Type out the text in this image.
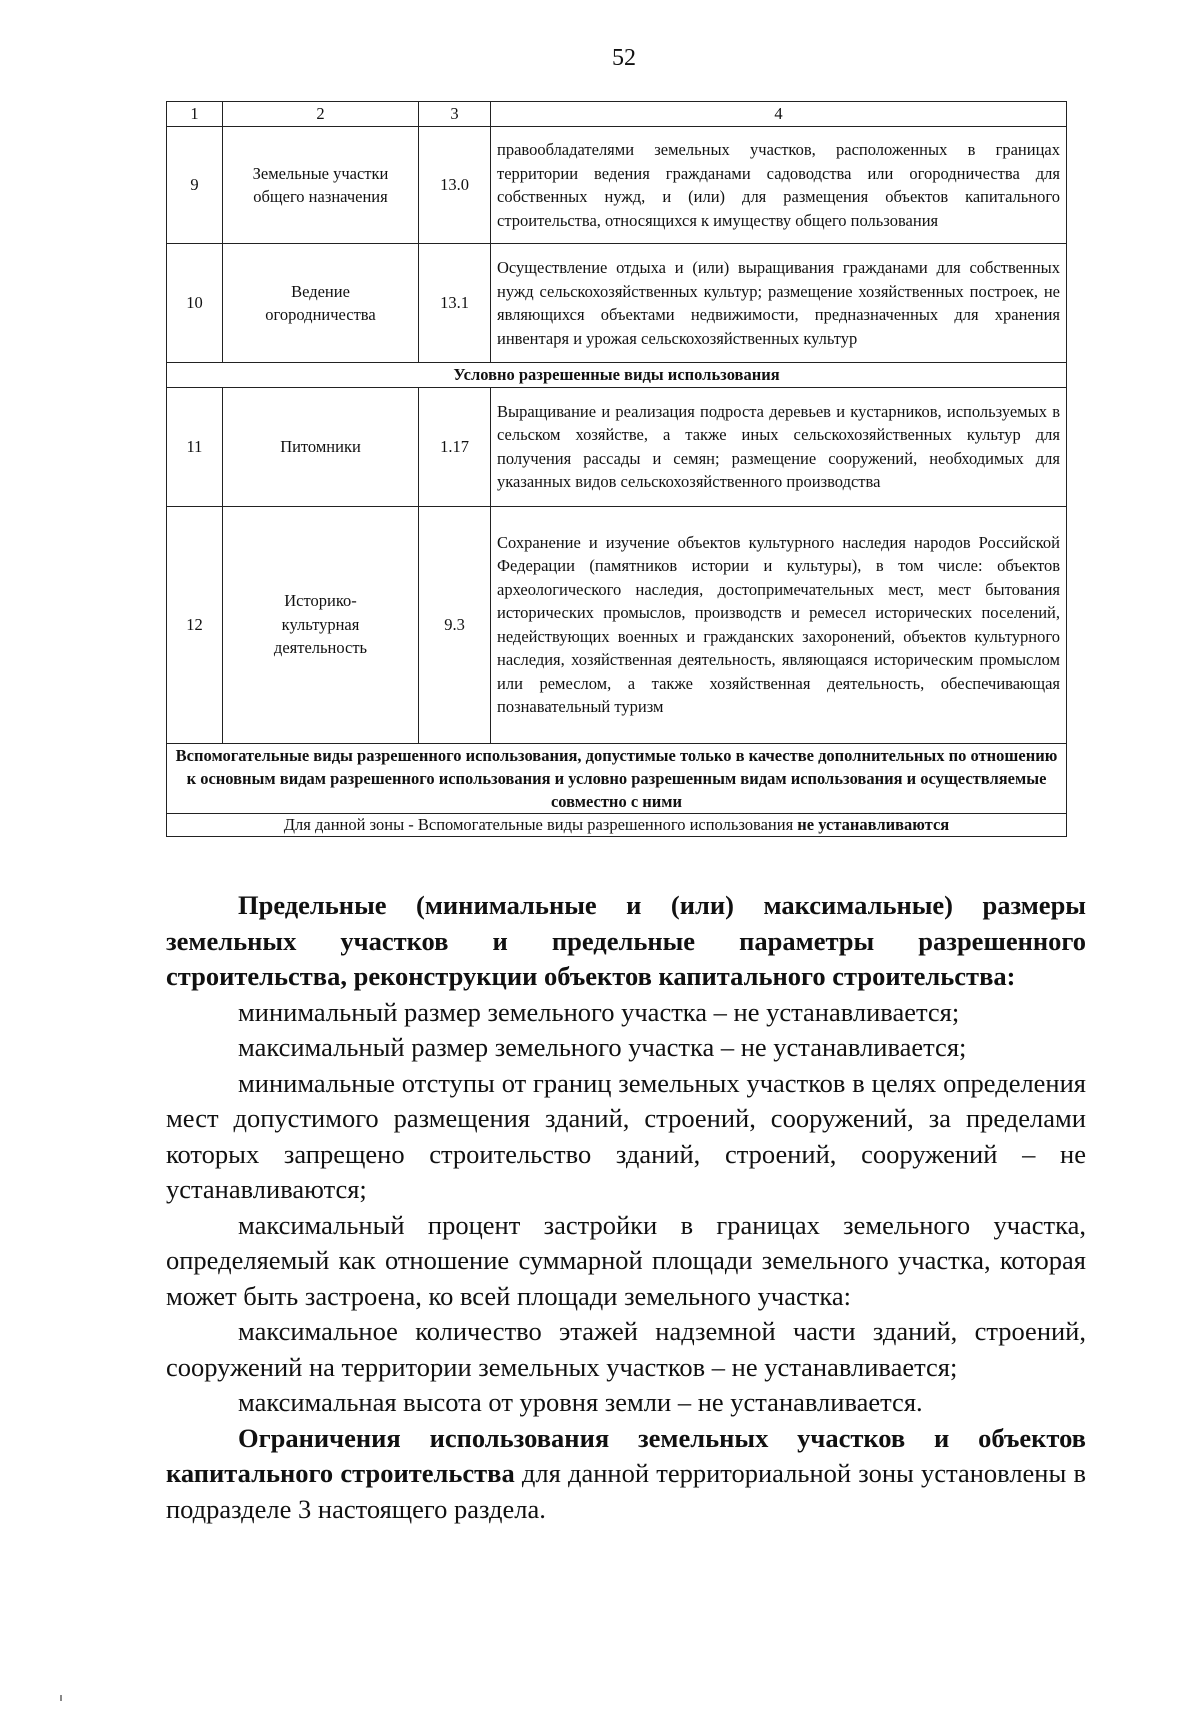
52
1	2	3	4
9	Земельные участки общего назначения	13.0	правообладателями земельных участков, расположенных в границах территории ведения гражданами садоводства или огородничества для собственных нужд, и (или) для размещения объектов капитального строительства, относящихся к имуществу общего пользования
10	Ведение огородничества	13.1	Осуществление отдыха и (или) выращивания гражданами для собственных нужд сельскохозяйственных культур; размещение хозяйственных построек, не являющихся объектами недвижимости, предназначенных для хранения инвентаря и урожая сельскохозяйственных культур
Условно разрешенные виды использования			
11	Питомники	1.17	Выращивание и реализация подроста деревьев и кустарников, используемых в сельском хозяйстве, а также иных сельскохозяйственных культур для получения рассады и семян; размещение сооружений, необходимых для указанных видов сельскохозяйственного производства
12	Историко-культурная деятельность	9.3	Сохранение и изучение объектов культурного наследия народов Российской Федерации (памятников истории и культуры), в том числе: объектов археологического наследия, достопримечательных мест, мест бытования исторических промыслов, производств и ремесел исторических поселений, недействующих военных и гражданских захоронений, объектов культурного наследия, хозяйственная деятельность, являющаяся историческим промыслом или ремеслом, а также хозяйственная деятельность, обеспечивающая познавательный туризм
Вспомогательные виды разрешенного использования, допустимые только в качестве дополнительных по отношению к основным видам разрешенного использования и условно разрешенным видам использования и осуществляемые совместно с ними			
Для данной зоны - Вспомогательные виды разрешенного использования не устанавливаются			

Предельные (минимальные и (или) максимальные) размеры земельных участков и предельные параметры разрешенного строительства, реконструкции объектов капитального строительства:

минимальный размер земельного участка – не устанавливается;

максимальный размер земельного участка – не устанавливается;

минимальные отступы от границ земельных участков в целях определения мест допустимого размещения зданий, строений, сооружений, за пределами которых запрещено строительство зданий, строений, сооружений – не устанавливаются;

максимальный процент застройки в границах земельного участка, определяемый как отношение суммарной площади земельного участка, которая может быть застроена, ко всей площади земельного участка:

максимальное количество этажей надземной части зданий, строений, сооружений на территории земельных участков – не устанавливается;

максимальная высота от уровня земли – не устанавливается.

Ограничения использования земельных участков и объектов капитального строительства для данной территориальной зоны установлены в подразделе 3 настоящего раздела.
